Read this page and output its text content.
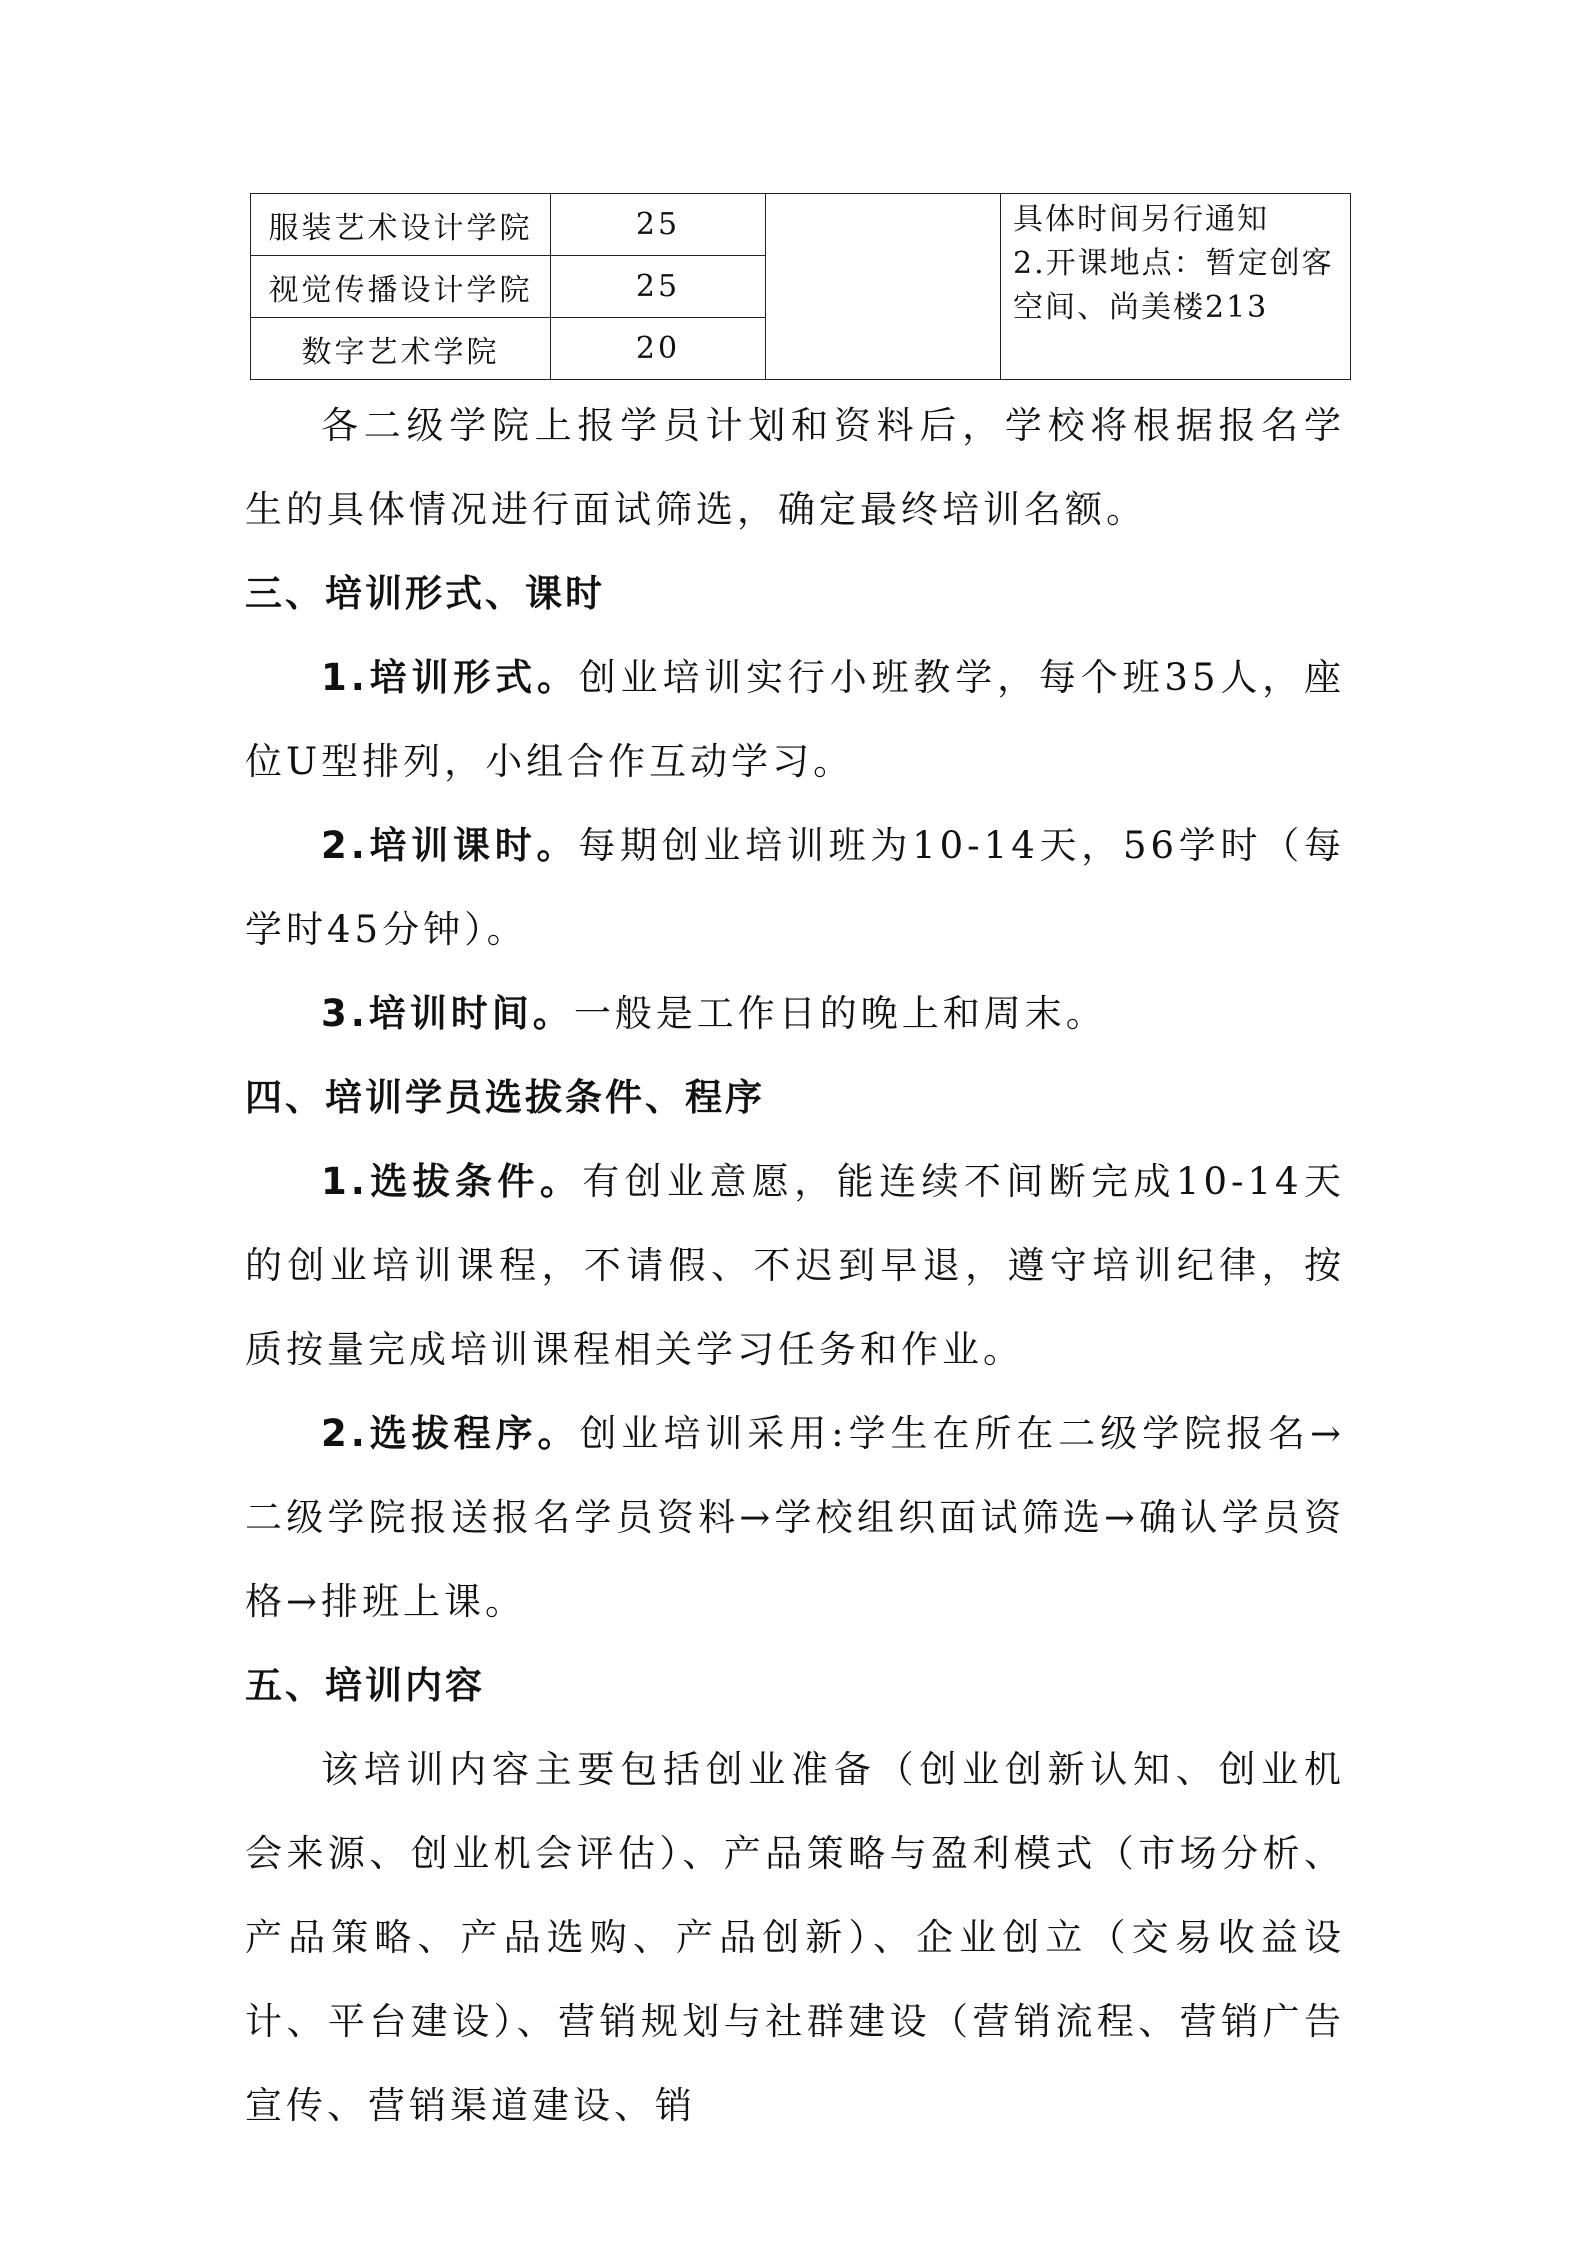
服装艺术设计学院	25		具体时间另行通知
2.开课地点：暂定创客
空间、尚美楼213

视觉传播设计学院	25		
数字艺术学院	20		

各二级学院上报学员计划和资料后，学校将根据报名学生的具体情况进行面试筛选，确定最终培训名额。

三、培训形式、课时

1.培训形式。创业培训实行小班教学，每个班35人，座位U型排列，小组合作互动学习。

2.培训课时。每期创业培训班为10-14天，56学时（每学时45分钟）。

3.培训时间。一般是工作日的晚上和周末。

四、培训学员选拔条件、程序

1.选拔条件。有创业意愿，能连续不间断完成10-14天的创业培训课程，不请假、不迟到早退，遵守培训纪律，按质按量完成培训课程相关学习任务和作业。

2.选拔程序。创业培训采用:学生在所在二级学院报名→二级学院报送报名学员资料→学校组织面试筛选→确认学员资格→排班上课。

五、培训内容

该培训内容主要包括创业准备（创业创新认知、创业机会来源、创业机会评估）、产品策略与盈利模式（市场分析、产品策略、产品选购、产品创新）、企业创立（交易收益设计、平台建设）、营销规划与社群建设（营销流程、营销广告宣传、营销渠道建设、销
